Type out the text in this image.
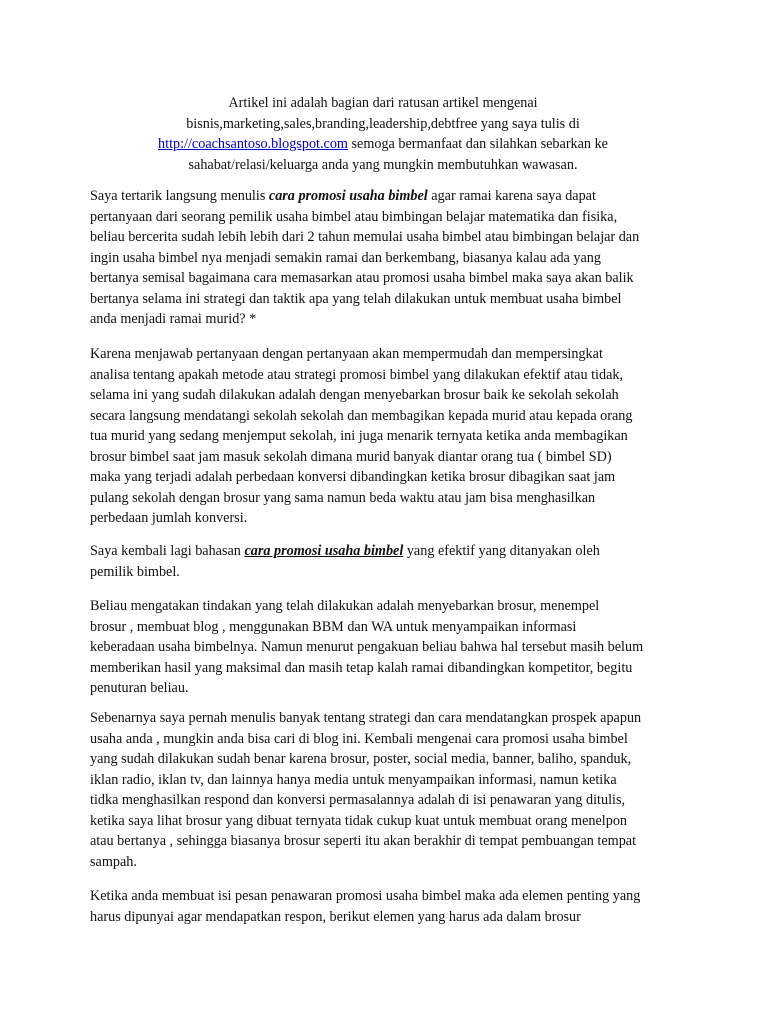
Artikel ini adalah bagian dari ratusan artikel mengenai
bisnis,marketing,sales,branding,leadership,debtfree yang saya tulis di
http://coachsantoso.blogspot.com semoga bermanfaat dan silahkan sebarkan ke
sahabat/relasi/keluarga anda yang mungkin membutuhkan wawasan.
Saya tertarik langsung menulis cara promosi usaha bimbel agar ramai karena saya dapat
pertanyaan dari seorang pemilik usaha bimbel atau bimbingan belajar matematika dan fisika,
beliau bercerita sudah lebih lebih dari 2 tahun memulai usaha bimbel atau bimbingan belajar dan
ingin usaha bimbel nya menjadi semakin ramai dan berkembang, biasanya kalau ada yang
bertanya semisal bagaimana cara memasarkan atau promosi usaha bimbel maka saya akan balik
bertanya selama ini strategi dan taktik apa yang telah dilakukan untuk membuat usaha bimbel
anda menjadi ramai murid? *
Karena menjawab pertanyaan dengan pertanyaan akan mempermudah dan mempersingkat
analisa tentang apakah metode atau strategi promosi bimbel yang dilakukan efektif atau tidak,
selama ini yang sudah dilakukan adalah dengan menyebarkan brosur baik ke sekolah sekolah
secara langsung mendatangi sekolah sekolah dan membagikan kepada murid atau kepada orang
tua murid yang sedang menjemput sekolah, ini juga menarik ternyata ketika anda membagikan
brosur bimbel saat jam masuk sekolah dimana murid banyak diantar orang tua ( bimbel SD)
maka yang terjadi adalah perbedaan konversi dibandingkan ketika brosur dibagikan saat jam
pulang sekolah dengan brosur yang sama namun beda waktu atau jam bisa menghasilkan
perbedaan jumlah konversi.
Saya kembali lagi bahasan cara promosi usaha bimbel yang efektif yang ditanyakan oleh
pemilik bimbel.
Beliau mengatakan tindakan yang telah dilakukan adalah menyebarkan brosur, menempel
brosur , membuat blog , menggunakan BBM dan WA untuk menyampaikan informasi
keberadaan usaha bimbelnya. Namun menurut pengakuan beliau bahwa hal tersebut masih belum
memberikan hasil yang maksimal dan masih tetap kalah ramai dibandingkan kompetitor, begitu
penuturan beliau.
Sebenarnya saya pernah menulis banyak tentang strategi dan cara mendatangkan prospek apapun
usaha anda , mungkin anda bisa cari di blog ini. Kembali mengenai cara promosi usaha bimbel
yang sudah dilakukan sudah benar karena brosur, poster, social media, banner, baliho, spanduk,
iklan radio, iklan tv, dan lainnya hanya media untuk menyampaikan informasi, namun ketika
tidka menghasilkan respond dan konversi permasalannya adalah di isi penawaran yang ditulis,
ketika saya lihat brosur yang dibuat ternyata tidak cukup kuat untuk membuat orang menelpon
atau bertanya , sehingga biasanya brosur seperti itu akan berakhir di tempat pembuangan tempat
sampah.
Ketika anda membuat isi pesan penawaran promosi usaha bimbel maka ada elemen penting yang
harus dipunyai agar mendapatkan respon, berikut elemen yang harus ada dalam brosur
